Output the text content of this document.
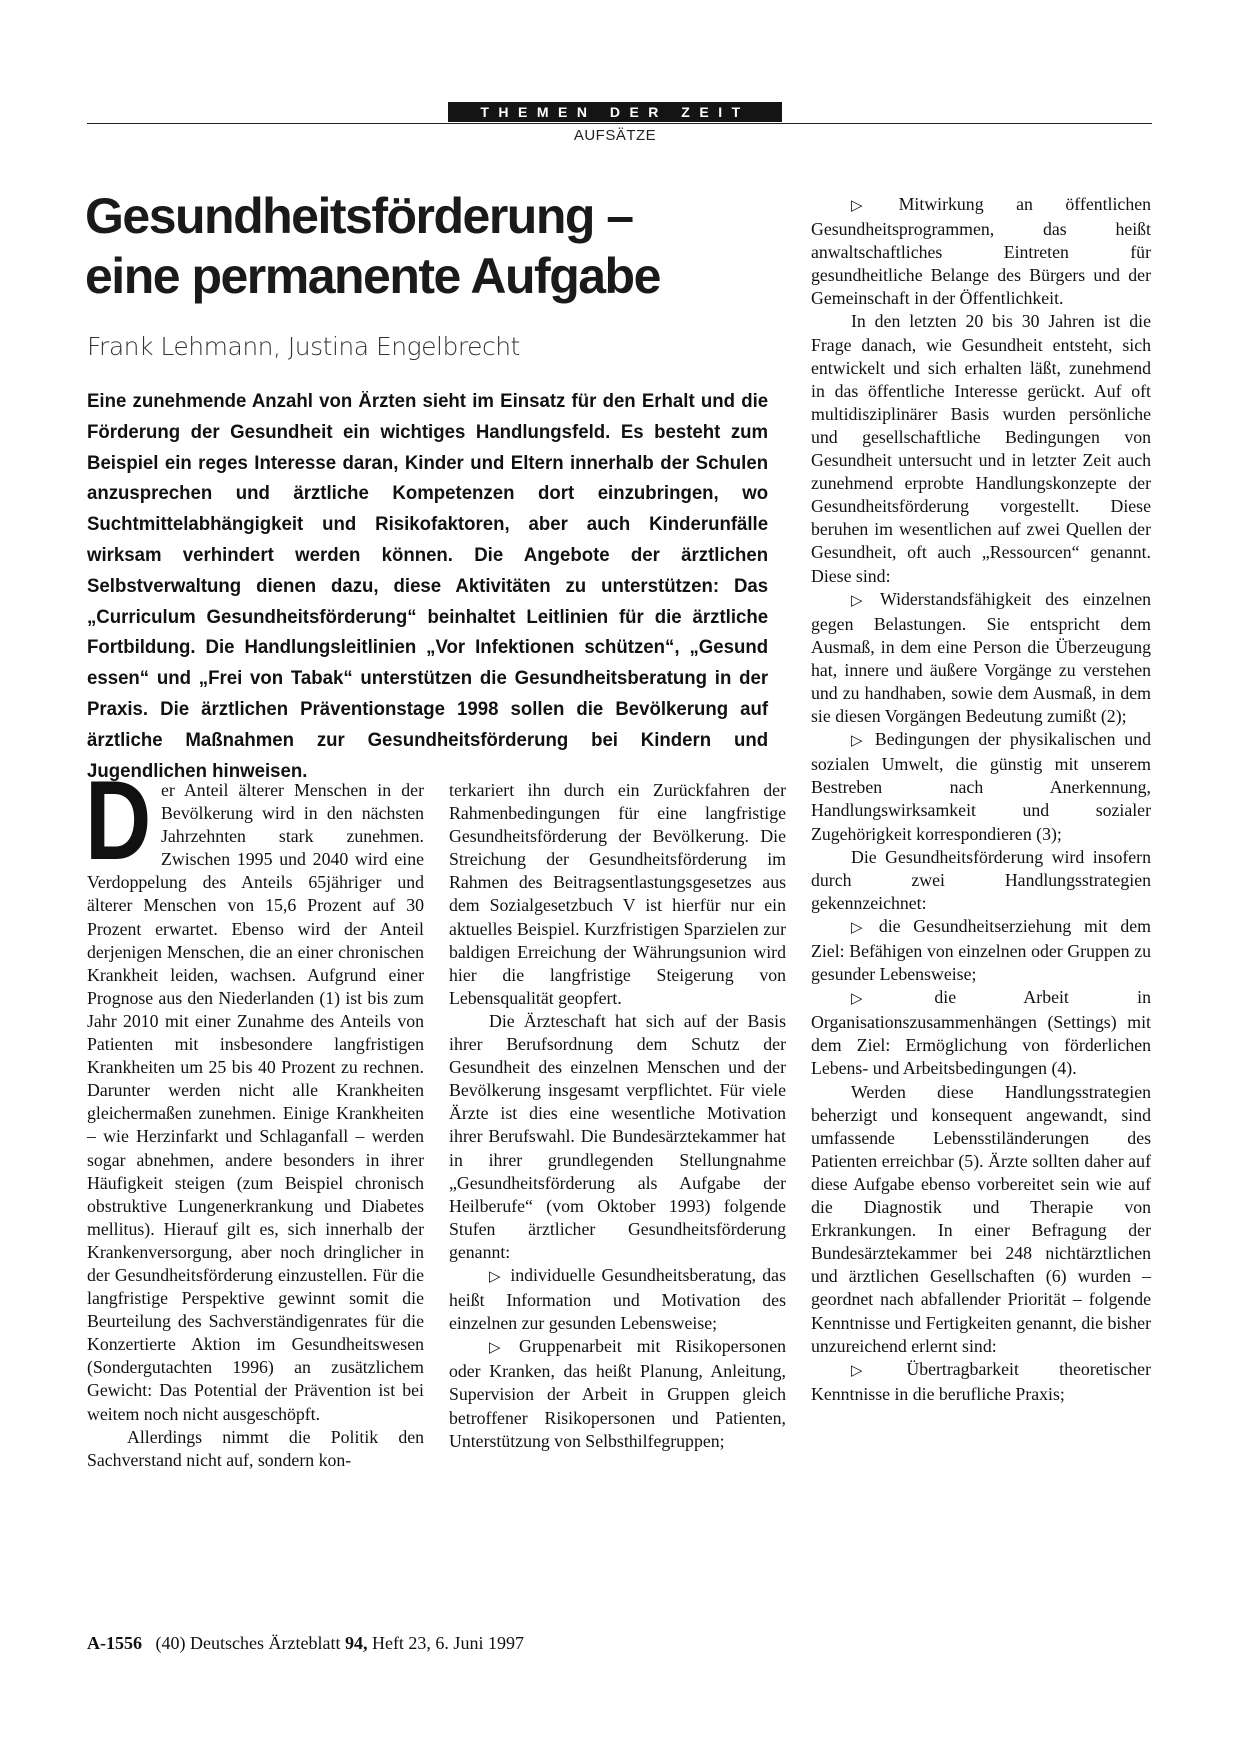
THEMEN DER ZEIT
AUFSÄTZE
Gesundheitsförderung –
eine permanente Aufgabe
Frank Lehmann, Justina Engelbrecht

Eine zunehmende Anzahl von Ärzten sieht im Einsatz für den Erhalt und die Förderung der Gesundheit ein wichtiges Handlungsfeld. Es besteht zum Beispiel ein reges Interesse daran, Kinder und Eltern innerhalb der Schulen anzusprechen und ärztliche Kompetenzen dort einzubringen, wo Suchtmittelabhängigkeit und Risikofaktoren, aber auch Kinderunfälle wirksam verhindert werden können. Die Angebote der ärztlichen Selbstverwaltung dienen dazu, diese Aktivitäten zu unterstützen: Das „Curriculum Gesundheitsförderung“ beinhaltet Leitlinien für die ärztliche Fortbildung. Die Handlungsleitlinien „Vor Infektionen schützen“, „Gesund essen“ und „Frei von Tabak“ unterstützen die Gesundheitsberatung in der Praxis. Die ärztlichen Präventionstage 1998 sollen die Bevölkerung auf ärztliche Maßnahmen zur Gesundheitsförderung bei Kindern und Jugendlichen hinweisen.

Der Anteil älterer Menschen in der Bevölkerung wird in den nächsten Jahrzehnten stark zunehmen. Zwischen 1995 und 2040 wird eine Verdoppelung des Anteils 65jähriger und älterer Menschen von 15,6 Prozent auf 30 Prozent erwartet. Ebenso wird der Anteil derjenigen Menschen, die an einer chronischen Krankheit leiden, wachsen. Aufgrund einer Prognose aus den Niederlanden (1) ist bis zum Jahr 2010 mit einer Zunahme des Anteils von Patienten mit insbesondere langfristigen Krankheiten um 25 bis 40 Prozent zu rechnen. Darunter werden nicht alle Krankheiten gleichermaßen zunehmen. Einige Krankheiten – wie Herzinfarkt und Schlaganfall – werden sogar abnehmen, andere besonders in ihrer Häufigkeit steigen (zum Beispiel chronisch obstruktive Lungenerkrankung und Diabetes mellitus). Hierauf gilt es, sich innerhalb der Krankenversorgung, aber noch dringlicher in der Gesundheitsförderung einzustellen. Für die langfristige Perspektive gewinnt somit die Beurteilung des Sachverständigenrates für die Konzertierte Aktion im Gesundheitswesen (Sondergutachten 1996) an zusätzlichem Gewicht: Das Potential der Prävention ist bei weitem noch nicht ausgeschöpft.

Allerdings nimmt die Politik den Sachverstand nicht auf, sondern kon-

terkariert ihn durch ein Zurückfahren der Rahmenbedingungen für eine langfristige Gesundheitsförderung der Bevölkerung. Die Streichung der Gesundheitsförderung im Rahmen des Beitragsentlastungsgesetzes aus dem Sozialgesetzbuch V ist hierfür nur ein aktuelles Beispiel. Kurzfristigen Sparzielen zur baldigen Erreichung der Währungsunion wird hier die langfristige Steigerung von Lebensqualität geopfert.

Die Ärzteschaft hat sich auf der Basis ihrer Berufsordnung dem Schutz der Gesundheit des einzelnen Menschen und der Bevölkerung insgesamt verpflichtet. Für viele Ärzte ist dies eine wesentliche Motivation ihrer Berufswahl. Die Bundesärztekammer hat in ihrer grundlegenden Stellungnahme „Gesundheitsförderung als Aufgabe der Heilberufe“ (vom Oktober 1993) folgende Stufen ärztlicher Gesundheitsförderung genannt:

▷ individuelle Gesundheitsberatung, das heißt Information und Motivation des einzelnen zur gesunden Lebensweise;

▷ Gruppenarbeit mit Risikopersonen oder Kranken, das heißt Planung, Anleitung, Supervision der Arbeit in Gruppen gleich betroffener Risikopersonen und Patienten, Unterstützung von Selbsthilfegruppen;

▷ Mitwirkung an öffentlichen Gesundheitsprogrammen, das heißt anwaltschaftliches Eintreten für gesundheitliche Belange des Bürgers und der Gemeinschaft in der Öffentlichkeit.

In den letzten 20 bis 30 Jahren ist die Frage danach, wie Gesundheit entsteht, sich entwickelt und sich erhalten läßt, zunehmend in das öffentliche Interesse gerückt. Auf oft multidisziplinärer Basis wurden persönliche und gesellschaftliche Bedingungen von Gesundheit untersucht und in letzter Zeit auch zunehmend erprobte Handlungskonzepte der Gesundheitsförderung vorgestellt. Diese beruhen im wesentlichen auf zwei Quellen der Gesundheit, oft auch „Ressourcen“ genannt. Diese sind:

▷ Widerstandsfähigkeit des einzelnen gegen Belastungen. Sie entspricht dem Ausmaß, in dem eine Person die Überzeugung hat, innere und äußere Vorgänge zu verstehen und zu handhaben, sowie dem Ausmaß, in dem sie diesen Vorgängen Bedeutung zumißt (2);

▷ Bedingungen der physikalischen und sozialen Umwelt, die günstig mit unserem Bestreben nach Anerkennung, Handlungswirksamkeit und sozialer Zugehörigkeit korrespondieren (3);

Die Gesundheitsförderung wird insofern durch zwei Handlungsstrategien gekennzeichnet:

▷ die Gesundheitserziehung mit dem Ziel: Befähigen von einzelnen oder Gruppen zu gesunder Lebensweise;

▷ die Arbeit in Organisationszusammenhängen (Settings) mit dem Ziel: Ermöglichung von förderlichen Lebens- und Arbeitsbedingungen (4).

Werden diese Handlungsstrategien beherzigt und konsequent angewandt, sind umfassende Lebensstiländerungen des Patienten erreichbar (5). Ärzte sollten daher auf diese Aufgabe ebenso vorbereitet sein wie auf die Diagnostik und Therapie von Erkrankungen. In einer Befragung der Bundesärztekammer bei 248 nichtärztlichen und ärztlichen Gesellschaften (6) wurden – geordnet nach abfallender Priorität – folgende Kenntnisse und Fertigkeiten genannt, die bisher unzureichend erlernt sind:

▷ Übertragbarkeit theoretischer Kenntnisse in die berufliche Praxis;

A-1556 (40) Deutsches Ärzteblatt 94, Heft 23, 6. Juni 1997
